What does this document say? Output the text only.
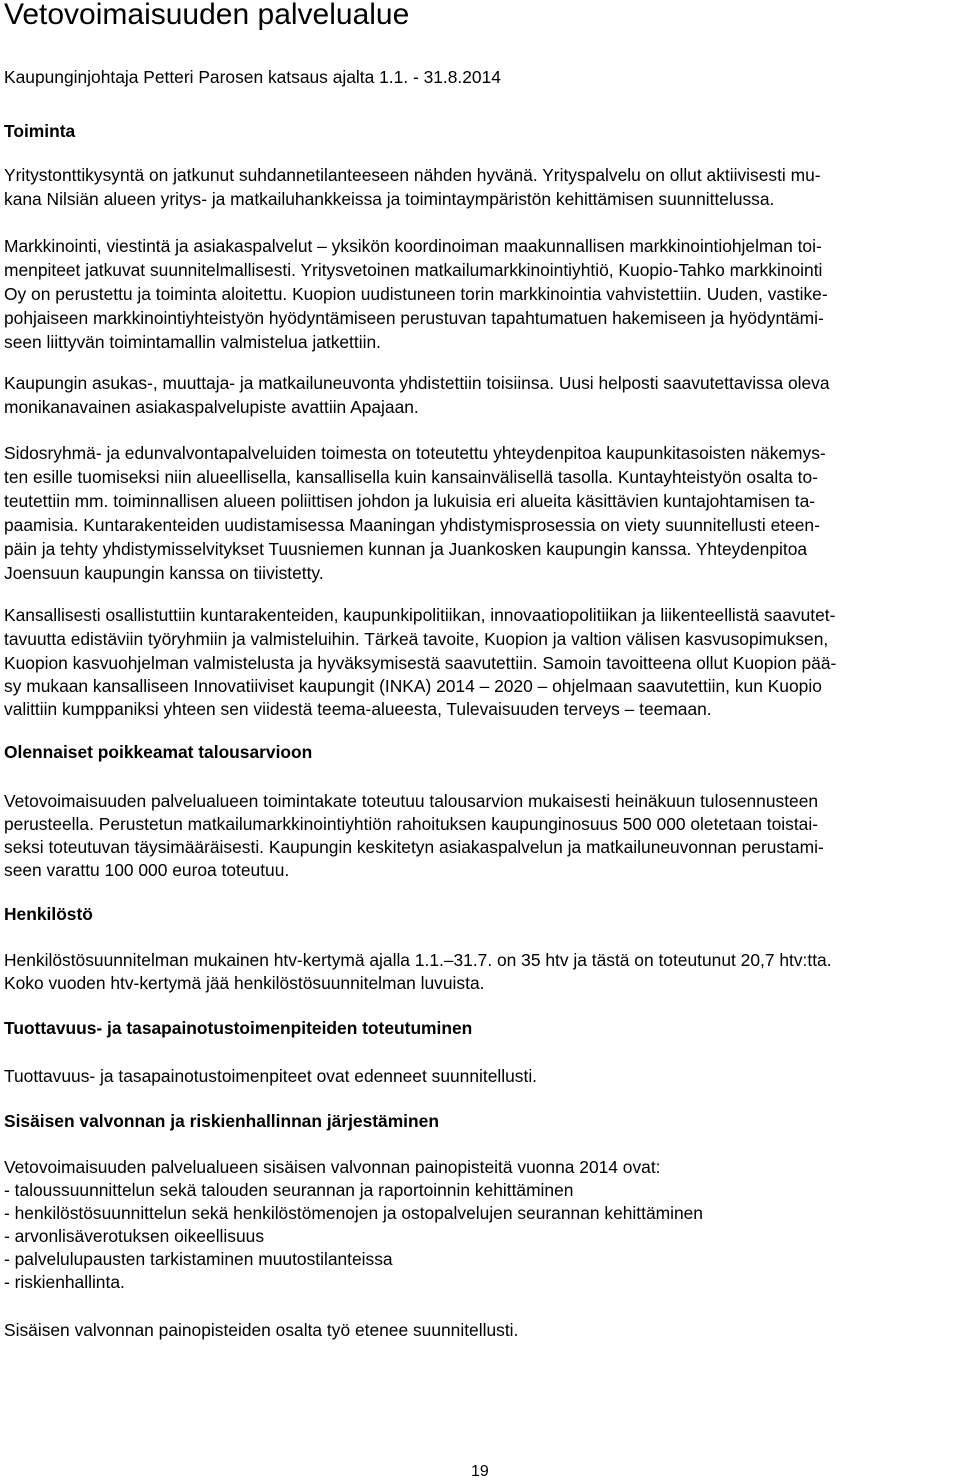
Vetovoimaisuuden palvelualue

Kaupunginjohtaja Petteri Parosen katsaus ajalta 1.1. - 31.8.2014

Toiminta

Yritystonttikysyntä on jatkunut suhdannetilanteeseen nähden hyvänä. Yrityspalvelu on ollut aktiivisesti mu-

kana Nilsiän alueen yritys- ja matkailuhankkeissa ja toimintaympäristön kehittämisen suunnittelussa.

Markkinointi, viestintä ja asiakaspalvelut – yksikön koordinoiman maakunnallisen markkinointiohjelman toi-

menpiteet jatkuvat suunnitelmallisesti. Yritysvetoinen matkailumarkkinointiyhtiö, Kuopio-Tahko markkinointi

Oy on perustettu ja toiminta aloitettu. Kuopion uudistuneen torin markkinointia vahvistettiin. Uuden, vastike-

pohjaiseen markkinointiyhteistyön hyödyntämiseen perustuvan tapahtumatuen hakemiseen ja hyödyntämi-

seen liittyvän toimintamallin valmistelua jatkettiin.

Kaupungin asukas-, muuttaja- ja matkailuneuvonta yhdistettiin toisiinsa. Uusi helposti saavutettavissa oleva

monikanavainen asiakaspalvelupiste avattiin Apajaan.

Sidosryhmä- ja edunvalvontapalveluiden toimesta on toteutettu yhteydenpitoa kaupunkitasoisten näkemys-

ten esille tuomiseksi niin alueellisella, kansallisella kuin kansainvälisellä tasolla. Kuntayhteistyön osalta to-

teutettiin mm. toiminnallisen alueen poliittisen johdon ja lukuisia eri alueita käsittävien kuntajohtamisen ta-

paamisia. Kuntarakenteiden uudistamisessa Maaningan yhdistymisprosessia on viety suunnitellusti eteen-

päin ja tehty yhdistymisselvitykset Tuusniemen kunnan ja Juankosken kaupungin kanssa. Yhteydenpitoa

Joensuun kaupungin kanssa on tiivistetty.

Kansallisesti osallistuttiin kuntarakenteiden, kaupunkipolitiikan, innovaatiopolitiikan ja liikenteellistä saavutet-

tavuutta edistäviin työryhmiin ja valmisteluihin. Tärkeä tavoite, Kuopion ja valtion välisen kasvusopimuksen,

Kuopion kasvuohjelman valmistelusta ja hyväksymisestä saavutettiin. Samoin tavoitteena ollut Kuopion pää-

sy mukaan kansalliseen Innovatiiviset kaupungit (INKA) 2014 – 2020 – ohjelmaan saavutettiin, kun Kuopio

valittiin kumppaniksi yhteen sen viidestä teema-alueesta, Tulevaisuuden terveys – teemaan.

Olennaiset poikkeamat talousarvioon

Vetovoimaisuuden palvelualueen toimintakate toteutuu talousarvion mukaisesti heinäkuun tulosennusteen

perusteella. Perustetun matkailumarkkinointiyhtiön rahoituksen kaupunginosuus 500 000 oletetaan toistai-

seksi toteutuvan täysimääräisesti. Kaupungin keskitetyn asiakaspalvelun ja matkailuneuvonnan perustami-

seen varattu 100 000 euroa toteutuu.

Henkilöstö

Henkilöstösuunnitelman mukainen htv-kertymä ajalla 1.1.–31.7. on 35 htv ja tästä on toteutunut 20,7 htv:tta.

Koko vuoden htv-kertymä jää henkilöstösuunnitelman luvuista.

Tuottavuus- ja tasapainotustoimenpiteiden toteutuminen

Tuottavuus- ja tasapainotustoimenpiteet ovat edenneet suunnitellusti.

Sisäisen valvonnan ja riskienhallinnan järjestäminen

Vetovoimaisuuden palvelualueen sisäisen valvonnan painopisteitä vuonna 2014 ovat:

- taloussuunnittelun sekä talouden seurannan ja raportoinnin kehittäminen

- henkilöstösuunnittelun sekä henkilöstömenojen ja ostopalvelujen seurannan kehittäminen

- arvonlisäverotuksen oikeellisuus

- palvelulupausten tarkistaminen muutostilanteissa

- riskienhallinta.

Sisäisen valvonnan painopisteiden osalta työ etenee suunnitellusti.

19
